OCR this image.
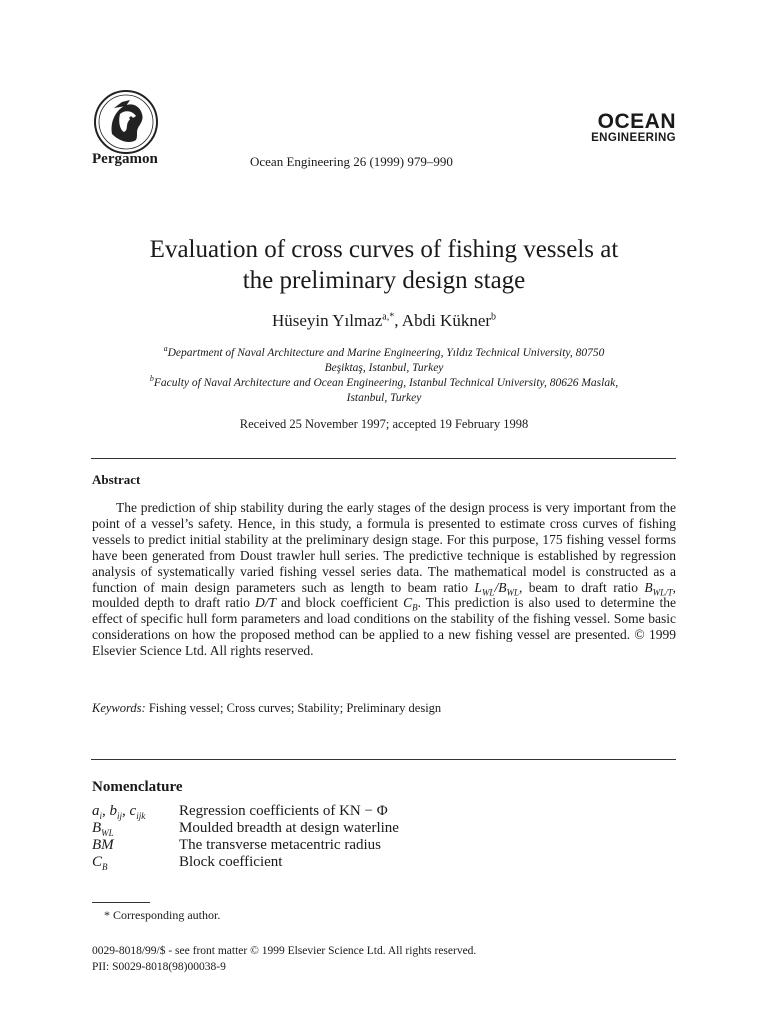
Pergamon	Ocean Engineering 26 (1999) 979–990
OCEAN
ENGINEERING
Evaluation of cross curves of fishing vessels at
the preliminary design stage
Hüseyin Yılmaz$^{a,*}$, Abdi Kükner$^b$
$^a$Department of Naval Architecture and Marine Engineering, Yıldız Technical University, 80750
Beşiktaş, Istanbul, Turkey
$^b$Faculty of Naval Architecture and Ocean Engineering, Istanbul Technical University, 80626 Maslak,
Istanbul, Turkey
Received 25 November 1997; accepted 19 February 1998
Abstract

The prediction of ship stability during the early stages of the design process is very important from the point of a vessel’s safety. Hence, in this study, a formula is presented to estimate cross curves of fishing vessels to predict initial stability at the preliminary design stage. For this purpose, 175 fishing vessel forms have been generated from Doust trawler hull series. The predictive technique is established by regression analysis of systematically varied fishing vessel series data. The mathematical model is constructed as a function of main design parameters such as length to beam ratio $L_{WL}/B_{WL}$, beam to draft ratio $B_{WL/T}$, moulded depth to draft ratio D/T and block coefficient $C_B$. This prediction is also used to determine the effect of specific hull form parameters and load conditions on the stability of the fishing vessel. Some basic considerations on how the proposed method can be applied to a new fishing vessel are presented. © 1999 Elsevier Science Ltd. All rights reserved.

Keywords: Fishing vessel; Cross curves; Stability; Preliminary design
Nomenclature
$a_i$, $b_{ij}$, $c_{ijk}$	Regression coefficients of KN − Φ
$B_{WL}$	Moulded breadth at design waterline
BM	The transverse metacentric radius
$C_B$	Block coefficient
* Corresponding author.
0029-8018/99/$ - see front matter © 1999 Elsevier Science Ltd. All rights reserved.
PII: S0029-8018(98)00038-9
